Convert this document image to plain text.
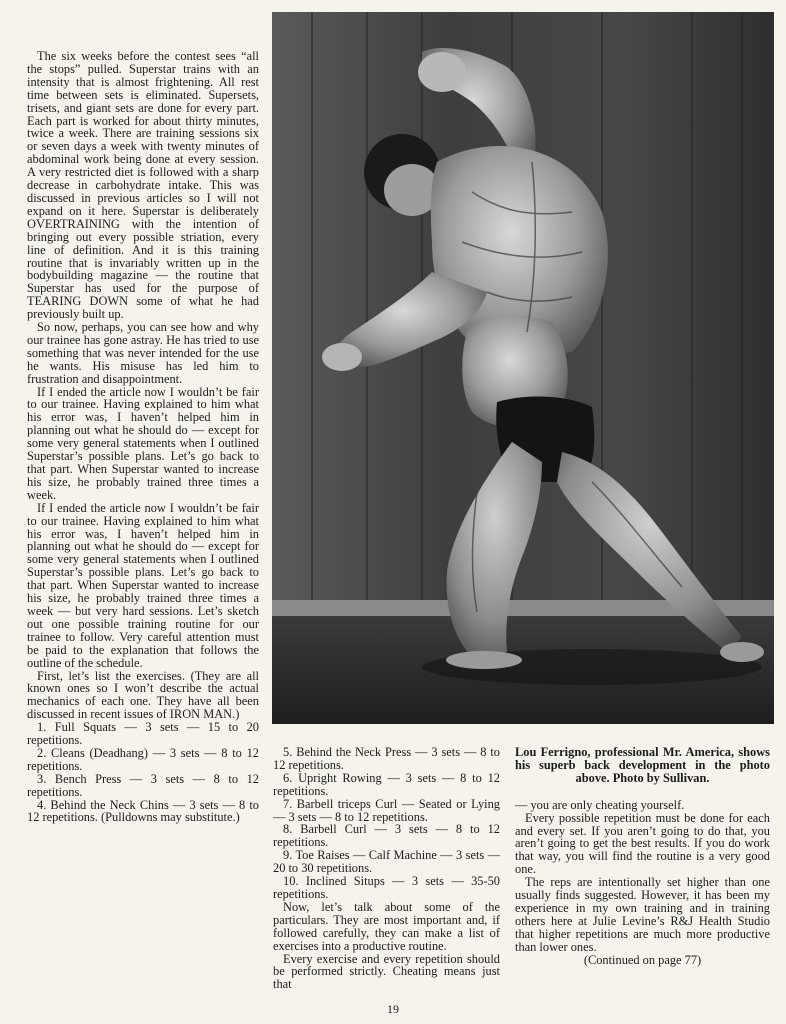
The six weeks before the contest sees “all the stops” pulled. Superstar trains with an intensity that is almost frightening. All rest time between sets is eliminated. Supersets, trisets, and giant sets are done for every part. Each part is worked for about thirty minutes, twice a week. There are training sessions six or seven days a week with twenty minutes of abdominal work being done at every session. A very restricted diet is followed with a sharp decrease in carbohydrate intake. This was discussed in previous articles so I will not expand on it here. Superstar is deliberately OVERTRAINING with the intention of bringing out every possible striation, every line of definition. And it is this training routine that is invariably written up in the bodybuilding magazine — the routine that Superstar has used for the purpose of TEARING DOWN some of what he had previously built up.

So now, perhaps, you can see how and why our trainee has gone astray. He has tried to use something that was never intended for the use he wants. His misuse has led him to frustration and disappointment.

If I ended the article now I wouldn’t be fair to our trainee. Having explained to him what his error was, I haven’t helped him in planning out what he should do — except for some very general statements when I outlined Superstar’s possible plans. Let’s go back to that part. When Superstar wanted to increase his size, he probably trained three times a week.

If I ended the article now I wouldn’t be fair to our trainee. Having explained to him what his error was, I haven’t helped him in planning out what he should do — except for some very general statements when I outlined Superstar’s possible plans. Let’s go back to that part. When Superstar wanted to increase his size, he probably trained three times a week — but very hard sessions. Let’s sketch out one possible training routine for our trainee to follow. Very careful attention must be paid to the explanation that follows the outline of the schedule.

First, let’s list the exercises. (They are all known ones so I won’t describe the actual mechanics of each one. They have all been discussed in recent issues of IRON MAN.)

1. Full Squats — 3 sets — 15 to 20 repetitions.

2. Cleans (Deadhang) — 3 sets — 8 to 12 repetitions.

3. Bench Press — 3 sets — 8 to 12 repetitions.

4. Behind the Neck Chins — 3 sets — 8 to 12 repetitions. (Pulldowns may substitute.)

5. Behind the Neck Press — 3 sets — 8 to 12 repetitions.

6. Upright Rowing — 3 sets — 8 to 12 repetitions.

7. Barbell triceps Curl — Seated or Lying — 3 sets — 8 to 12 repetitions.

8. Barbell Curl — 3 sets — 8 to 12 repetitions.

9. Toe Raises — Calf Machine — 3 sets — 20 to 30 repetitions.

10. Inclined Situps — 3 sets — 35-50 repetitions.

Now, let’s talk about some of the particulars. They are most important and, if followed carefully, they can make a list of exercises into a productive routine.

Every exercise and every repetition should be performed strictly. Cheating means just that

Lou Ferrigno, professional Mr. America, shows his superb back development in the photo above. Photo by Sullivan.

— you are only cheating yourself.

Every possible repetition must be done for each and every set. If you aren’t going to do that, you aren’t going to get the best results. If you do work that way, you will find the routine is a very good one.

The reps are intentionally set higher than one usually finds suggested. However, it has been my experience in my own training and in training others here at Julie Levine’s R&J Health Studio that higher repetitions are much more productive than lower ones.

(Continued on page 77)

19
